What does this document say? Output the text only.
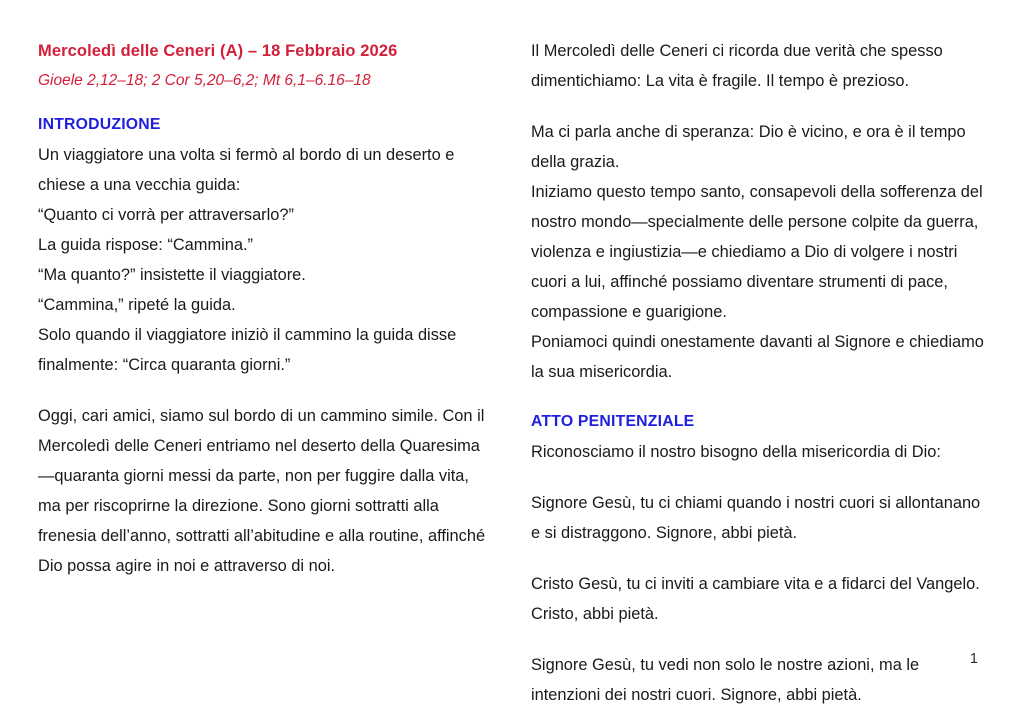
Mercoledì delle Ceneri (A) – 18 Febbraio 2026

Gioele 2,12–18; 2 Cor 5,20–6,2; Mt 6,1–6.16–18

INTRODUZIONE

Un viaggiatore una volta si fermò al bordo di un deserto e

chiese a una vecchia guida:

“Quanto ci vorrà per attraversarlo?”

La guida rispose: “Cammina.”

“Ma quanto?” insistette il viaggiatore.

“Cammina,” ripeté la guida.

Solo quando il viaggiatore iniziò il cammino la guida disse

finalmente: “Circa quaranta giorni.”

Oggi, cari amici, siamo sul bordo di un cammino simile. Con il Mercoledì delle Ceneri entriamo nel deserto della Quaresima—quaranta giorni messi da parte, non per fuggire dalla vita, ma per riscoprirne la direzione. Sono giorni sottratti alla frenesia dell’anno, sottratti all’abitudine e alla routine, affinché Dio possa agire in noi e attraverso di noi.

Il Mercoledì delle Ceneri ci ricorda due verità che spesso dimentichiamo: La vita è fragile. Il tempo è prezioso.

Ma ci parla anche di speranza: Dio è vicino, e ora è il tempo della grazia.

Iniziamo questo tempo santo, consapevoli della sofferenza del nostro mondo—specialmente delle persone colpite da guerra, violenza e ingiustizia—e chiediamo a Dio di volgere i nostri cuori a lui, affinché possiamo diventare strumenti di pace, compassione e guarigione.

Poniamoci quindi onestamente davanti al Signore e chiediamo la sua misericordia.

ATTO PENITENZIALE

Riconosciamo il nostro bisogno della misericordia di Dio:

Signore Gesù, tu ci chiami quando i nostri cuori si allontanano e si distraggono. Signore, abbi pietà.

Cristo Gesù, tu ci inviti a cambiare vita e a fidarci del Vangelo. Cristo, abbi pietà.

Signore Gesù, tu vedi non solo le nostre azioni, ma le intenzioni dei nostri cuori. Signore, abbi pietà.

1
